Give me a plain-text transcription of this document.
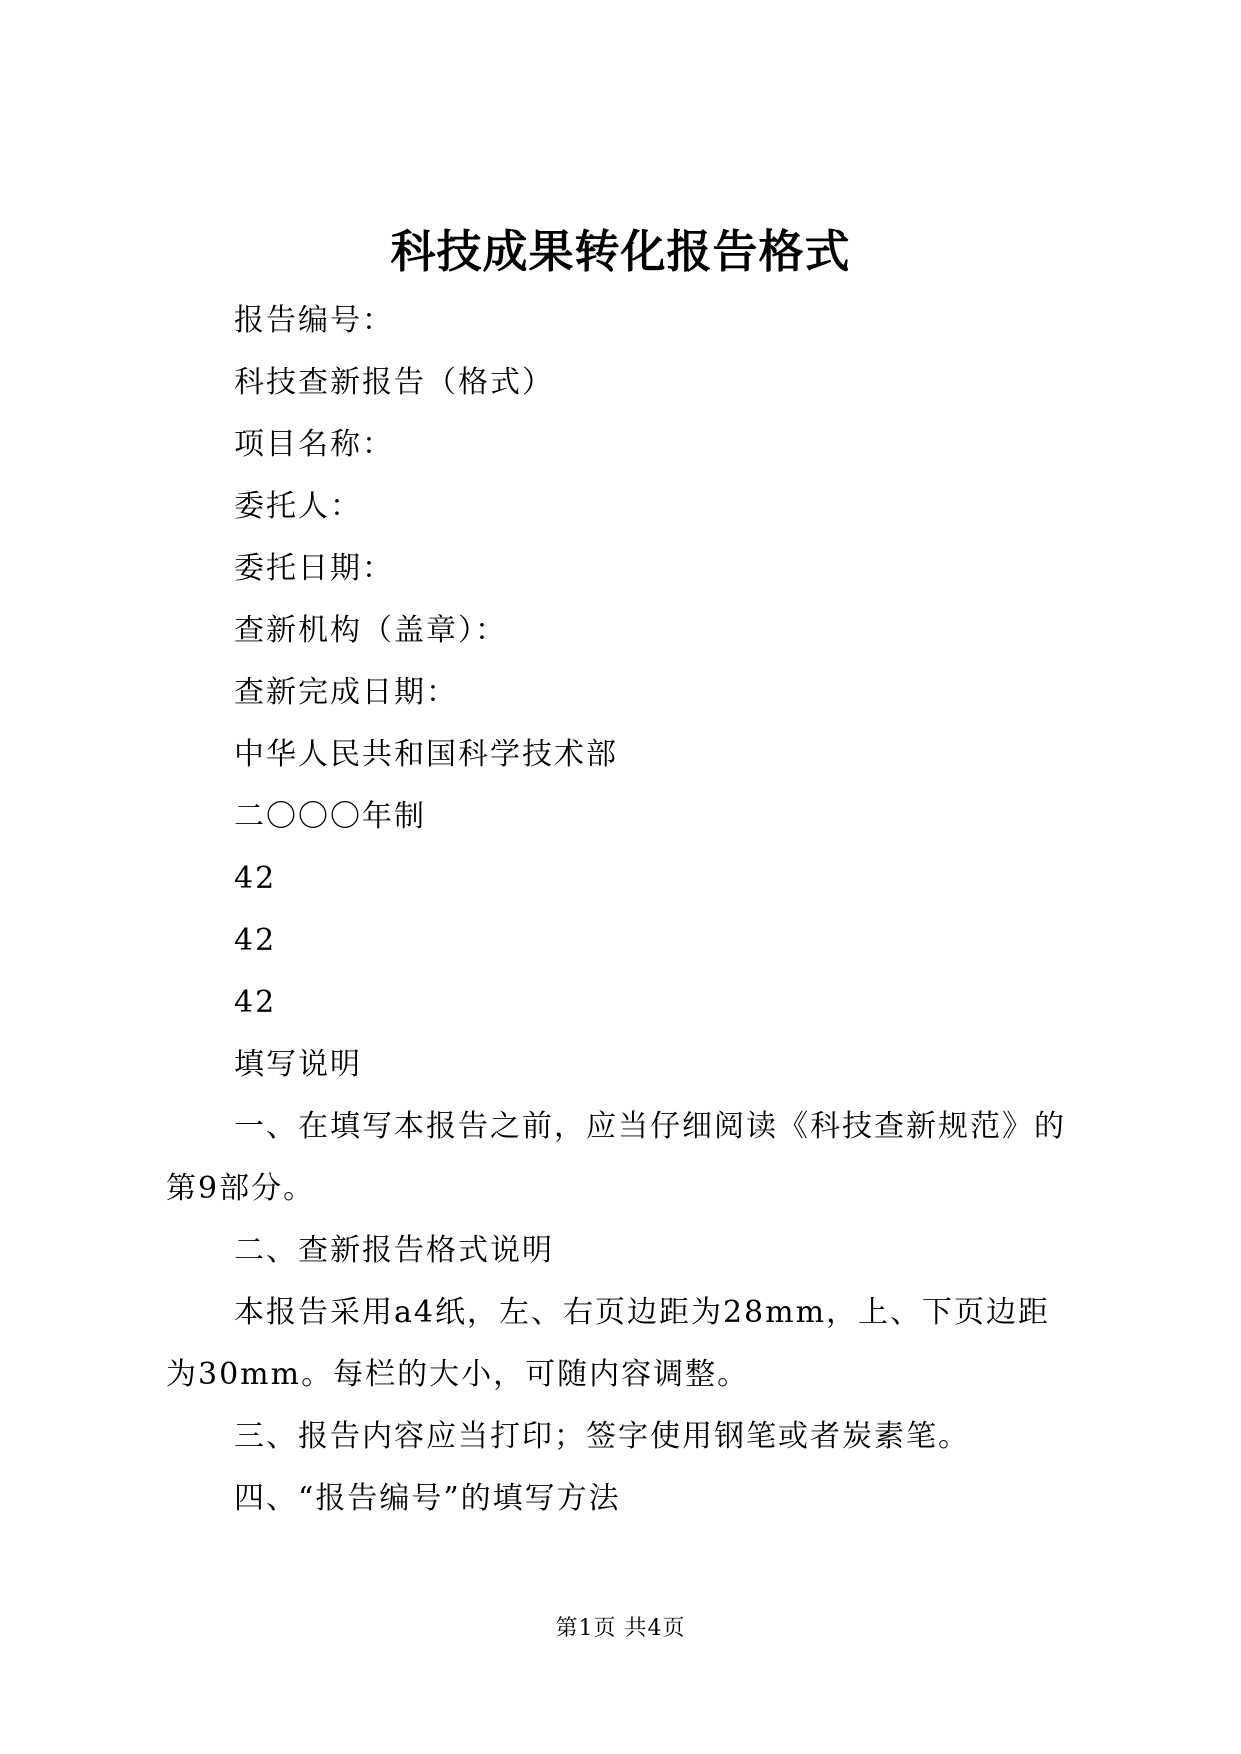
科技成果转化报告格式

报告编号：

科技查新报告（格式）

项目名称：

委托人：

委托日期：

查新机构（盖章）：

查新完成日期：

中华人民共和国科学技术部

二〇〇〇年制

42

42

42

填写说明

一、在填写本报告之前，应当仔细阅读《科技查新规范》的第9部分。

二、查新报告格式说明

本报告采用a4纸，左、右页边距为28mm，上、下页边距为30mm。每栏的大小，可随内容调整。

三、报告内容应当打印；签字使用钢笔或者炭素笔。

四、“报告编号”的填写方法

第1页 共4页
